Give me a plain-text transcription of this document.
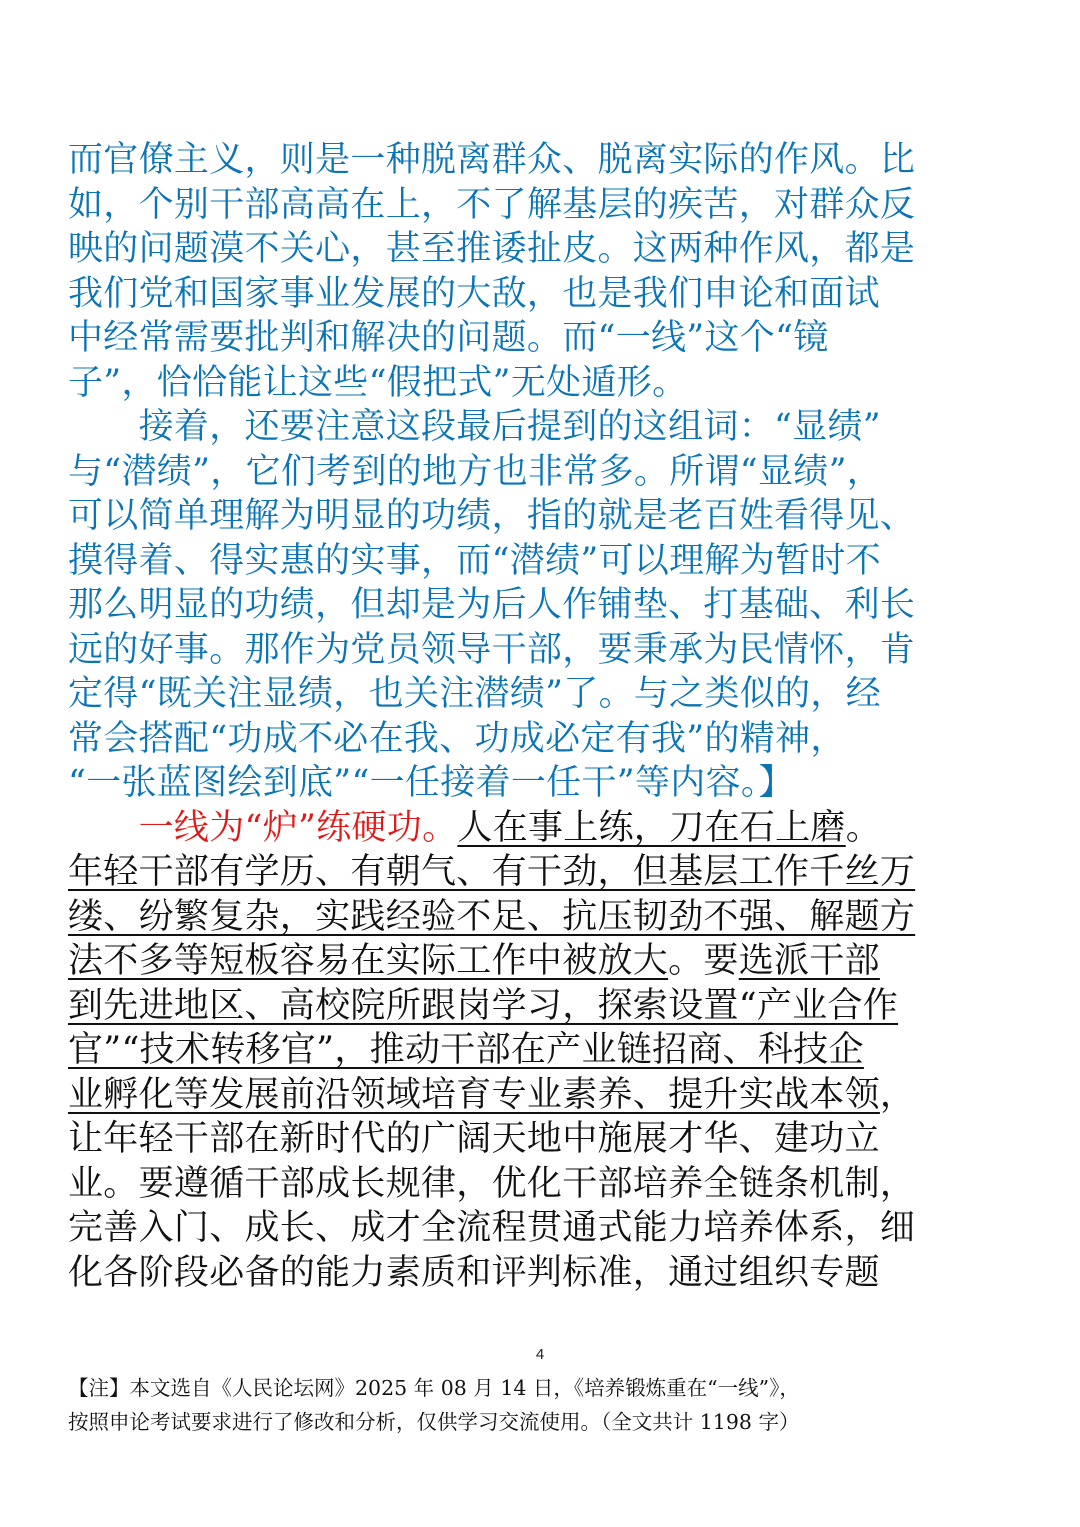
而官僚主义，则是一种脱离群众、脱离实际的作风。比
如，个别干部高高在上，不了解基层的疾苦，对群众反
映的问题漠不关心，甚至推诿扯皮。这两种作风，都是
我们党和国家事业发展的大敌，也是我们申论和面试
中经常需要批判和解决的问题。而“一线”这个“镜
子”，恰恰能让这些“假把式”无处遁形。
　　接着，还要注意这段最后提到的这组词：“显绩”
与“潜绩”，它们考到的地方也非常多。所谓“显绩”，
可以简单理解为明显的功绩，指的就是老百姓看得见、
摸得着、得实惠的实事，而“潜绩”可以理解为暂时不
那么明显的功绩，但却是为后人作铺垫、打基础、利长
远的好事。那作为党员领导干部，要秉承为民情怀，肯
定得“既关注显绩，也关注潜绩”了。与之类似的，经
常会搭配“功成不必在我、功成必定有我”的精神，
“一张蓝图绘到底”“一任接着一任干”等内容。】
　　一线为“炉”练硬功。人在事上练，刀在石上磨。
年轻干部有学历、有朝气、有干劲，但基层工作千丝万
缕、纷繁复杂，实践经验不足、抗压韧劲不强、解题方
法不多等短板容易在实际工作中被放大。要选派干部
到先进地区、高校院所跟岗学习，探索设置“产业合作
官”“技术转移官”，推动干部在产业链招商、科技企
业孵化等发展前沿领域培育专业素养、提升实战本领，
让年轻干部在新时代的广阔天地中施展才华、建功立
业。要遵循干部成长规律，优化干部培养全链条机制，
完善入门、成长、成才全流程贯通式能力培养体系，细
化各阶段必备的能力素质和评判标准，通过组织专题
4
【注】本文选自《人民论坛网》2025 年 08 月 14 日，《培养锻炼重在“一线”》，
按照申论考试要求进行了修改和分析，仅供学习交流使用。（全文共计 1198 字）
